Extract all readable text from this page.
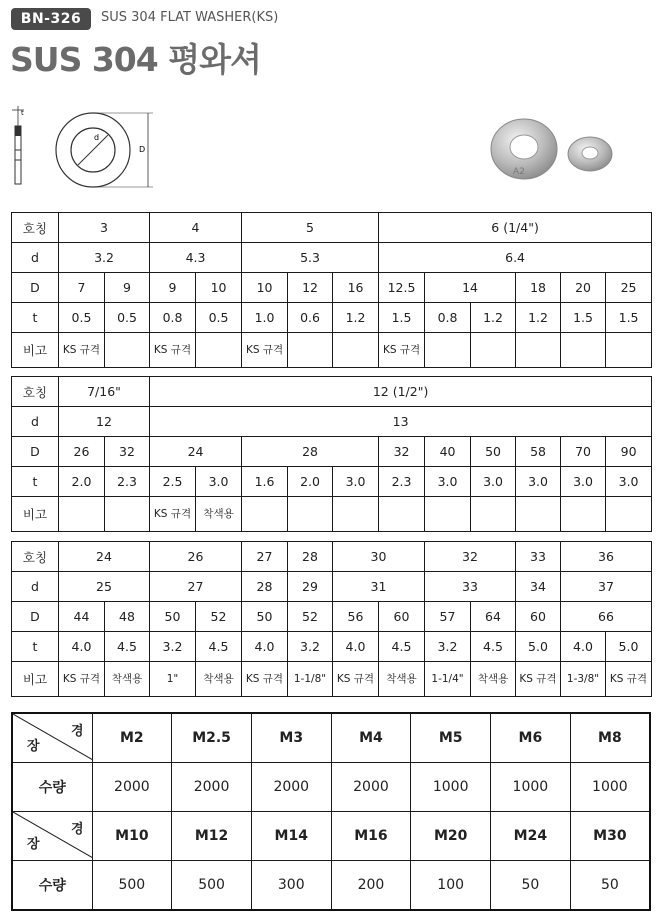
BN-326	SUS 304 FLAT WASHER(KS)
SUS 304 평와셔
t
d
D
A2
호칭	3		4		5			6 (1/4")					
d	3.2		4.3		5.3			6.4					
D	7	9	9	10	10	12	16	12.5	14		18	20	25
t	0.5	0.5	0.8	0.5	1.0	0.6	1.2	1.5	0.8	1.2	1.2	1.5	1.5
비고	KS 규격		KS 규격		KS 규격			KS 규격					
호칭	7/16"		12 (1/2")										
d	12		13										
D	26	32	24		28			32	40	50	58	70	90
t	2.0	2.3	2.5	3.0	1.6	2.0	3.0	2.3	3.0	3.0	3.0	3.0	3.0
비고			KS 규격	착색용									
호칭	24		26		27	28	30		32		33	36	
d	25		27		28	29	31		33		34	37	
D	44	48	50	52	50	52	56	60	57	64	60	66	
t	4.0	4.5	3.2	4.5	4.0	3.2	4.0	4.5	3.2	4.5	5.0	4.0	5.0
비고	KS 규격	착색용	1"	착색용	KS 규격	1-1/8"	KS 규격	착색용	1-1/4"	착색용	KS 규격	1-3/8"	KS 규격
경
장	M2	M2.5	M3	M4	M5	M6	M8
수량	2000	2000	2000	2000	1000	1000	1000

경
장	M10	M12	M14	M16	M20	M24	M30
수량	500	500	300	200	100	50	50
